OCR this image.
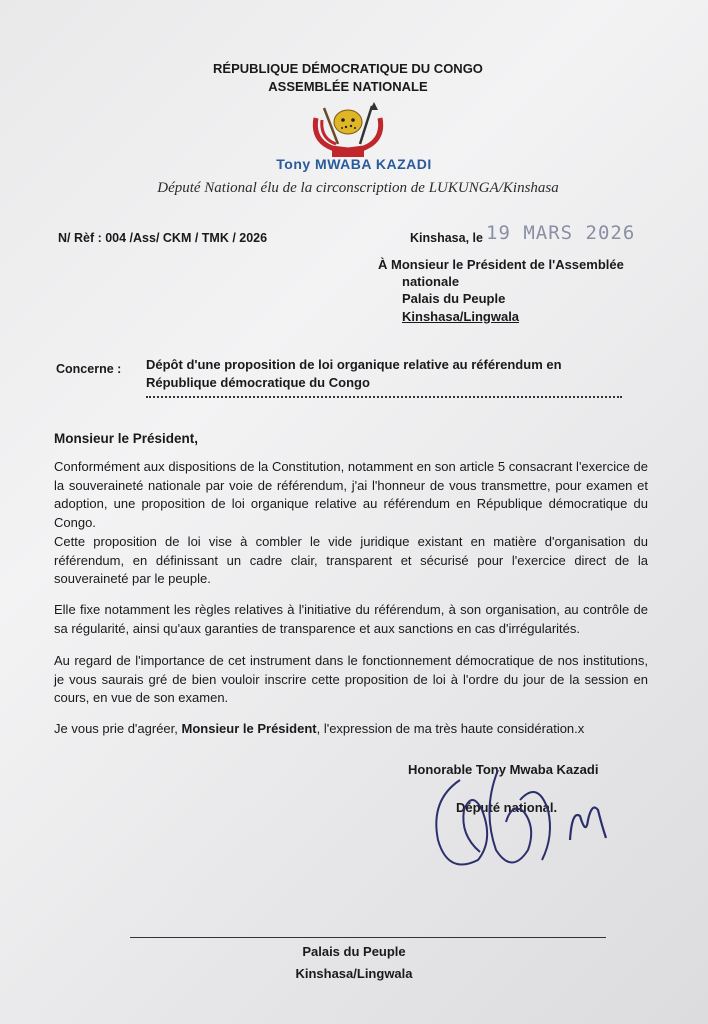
RÉPUBLIQUE DÉMOCRATIQUE DU CONGO
ASSEMBLÉE NATIONALE
Tony MWABA KAZADI
Député National élu de la circonscription de LUKUNGA/Kinshasa
N/ Rèf : 004 /Ass/ CKM / TMK / 2026	Kinshasa, le 19 MARS 2026
À Monsieur le Président de l'Assemblée
nationale
Palais du Peuple
Kinshasa/Lingwala
Concerne : Dépôt d'une proposition de loi organique relative au référendum en République démocratique du Congo
Monsieur le Président,
Conformément aux dispositions de la Constitution, notamment en son article 5 consacrant l'exercice de la souveraineté nationale par voie de référendum, j'ai l'honneur de vous transmettre, pour examen et adoption, une proposition de loi organique relative au référendum en République démocratique du Congo.
Cette proposition de loi vise à combler le vide juridique existant en matière d'organisation du référendum, en définissant un cadre clair, transparent et sécurisé pour l'exercice direct de la souveraineté par le peuple.
Elle fixe notamment les règles relatives à l'initiative du référendum, à son organisation, au contrôle de sa régularité, ainsi qu'aux garanties de transparence et aux sanctions en cas d'irrégularités.
Au regard de l'importance de cet instrument dans le fonctionnement démocratique de nos institutions, je vous saurais gré de bien vouloir inscrire cette proposition de loi à l'ordre du jour de la session en cours, en vue de son examen.
Je vous prie d'agréer, Monsieur le Président, l'expression de ma très haute considération.x
Honorable Tony Mwaba Kazadi
Député national.
Palais du Peuple
Kinshasa/Lingwala
